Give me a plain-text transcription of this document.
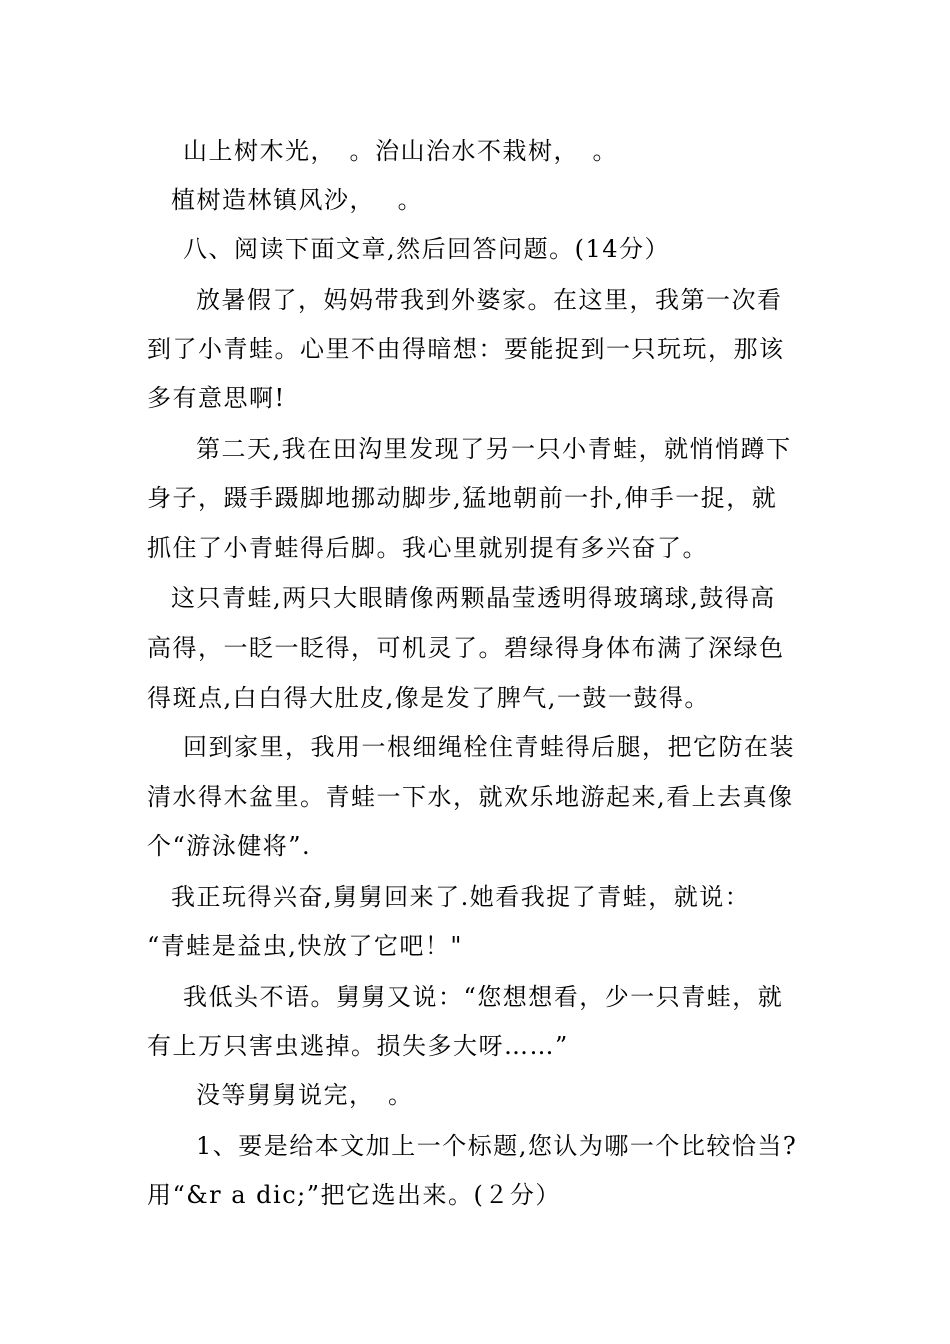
山上树木光，　。治山治水不栽树，　。
植树造林镇风沙，　 。
八、阅读下面文章,然后回答问题。(14分）
放暑假了，妈妈带我到外婆家。在这里，我第一次看
到了小青蛙。心里不由得暗想：要能捉到一只玩玩，那该
多有意思啊!
第二天,我在田沟里发现了另一只小青蛙，就悄悄蹲下
身子，蹑手蹑脚地挪动脚步,猛地朝前一扑,伸手一捉，就
抓住了小青蛙得后脚。我心里就别提有多兴奋了。
这只青蛙,两只大眼睛像两颗晶莹透明得玻璃球,鼓得高
高得，一眨一眨得，可机灵了。碧绿得身体布满了深绿色
得斑点,白白得大肚皮,像是发了脾气,一鼓一鼓得。
回到家里，我用一根细绳栓住青蛙得后腿，把它防在装
清水得木盆里。青蛙一下水，就欢乐地游起来,看上去真像
个“游泳健将”.
我正玩得兴奋,舅舅回来了.她看我捉了青蛙，就说：
“青蛙是益虫,快放了它吧！"
我低头不语。舅舅又说：“您想想看，少一只青蛙，就
有上万只害虫逃掉。损失多大呀……”
没等舅舅说完，　。
1、要是给本文加上一个标题,您认为哪一个比较恰当?
用“&r a dic;”把它选出来。(２分）
